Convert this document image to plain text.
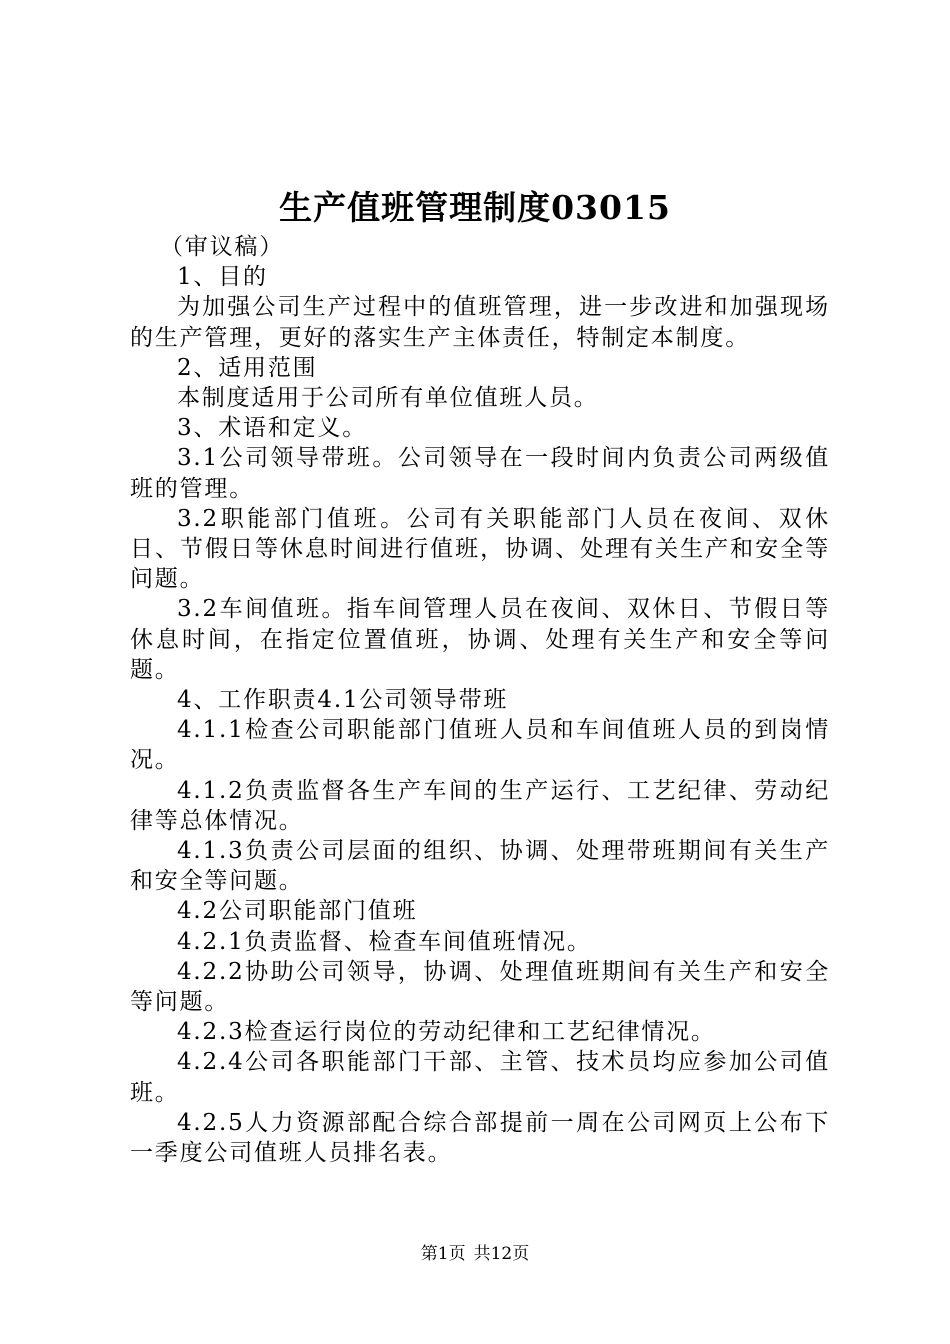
生产值班管理制度03015

（审议稿）

1、目的

为加强公司生产过程中的值班管理，进一步改进和加强现场的生产管理，更好的落实生产主体责任，特制定本制度。

2、适用范围

本制度适用于公司所有单位值班人员。

3、术语和定义。

3.1公司领导带班。公司领导在一段时间内负责公司两级值班的管理。

3.2职能部门值班。公司有关职能部门人员在夜间、双休日、节假日等休息时间进行值班，协调、处理有关生产和安全等问题。

3.2车间值班。指车间管理人员在夜间、双休日、节假日等休息时间，在指定位置值班，协调、处理有关生产和安全等问题。

4、工作职责4.1公司领导带班

4.1.1检查公司职能部门值班人员和车间值班人员的到岗情况。

4.1.2负责监督各生产车间的生产运行、工艺纪律、劳动纪律等总体情况。

4.1.3负责公司层面的组织、协调、处理带班期间有关生产和安全等问题。

4.2公司职能部门值班

4.2.1负责监督、检查车间值班情况。

4.2.2协助公司领导，协调、处理值班期间有关生产和安全等问题。

4.2.3检查运行岗位的劳动纪律和工艺纪律情况。

4.2.4公司各职能部门干部、主管、技术员均应参加公司值班。

4.2.5人力资源部配合综合部提前一周在公司网页上公布下一季度公司值班人员排名表。

第1页 共12页
